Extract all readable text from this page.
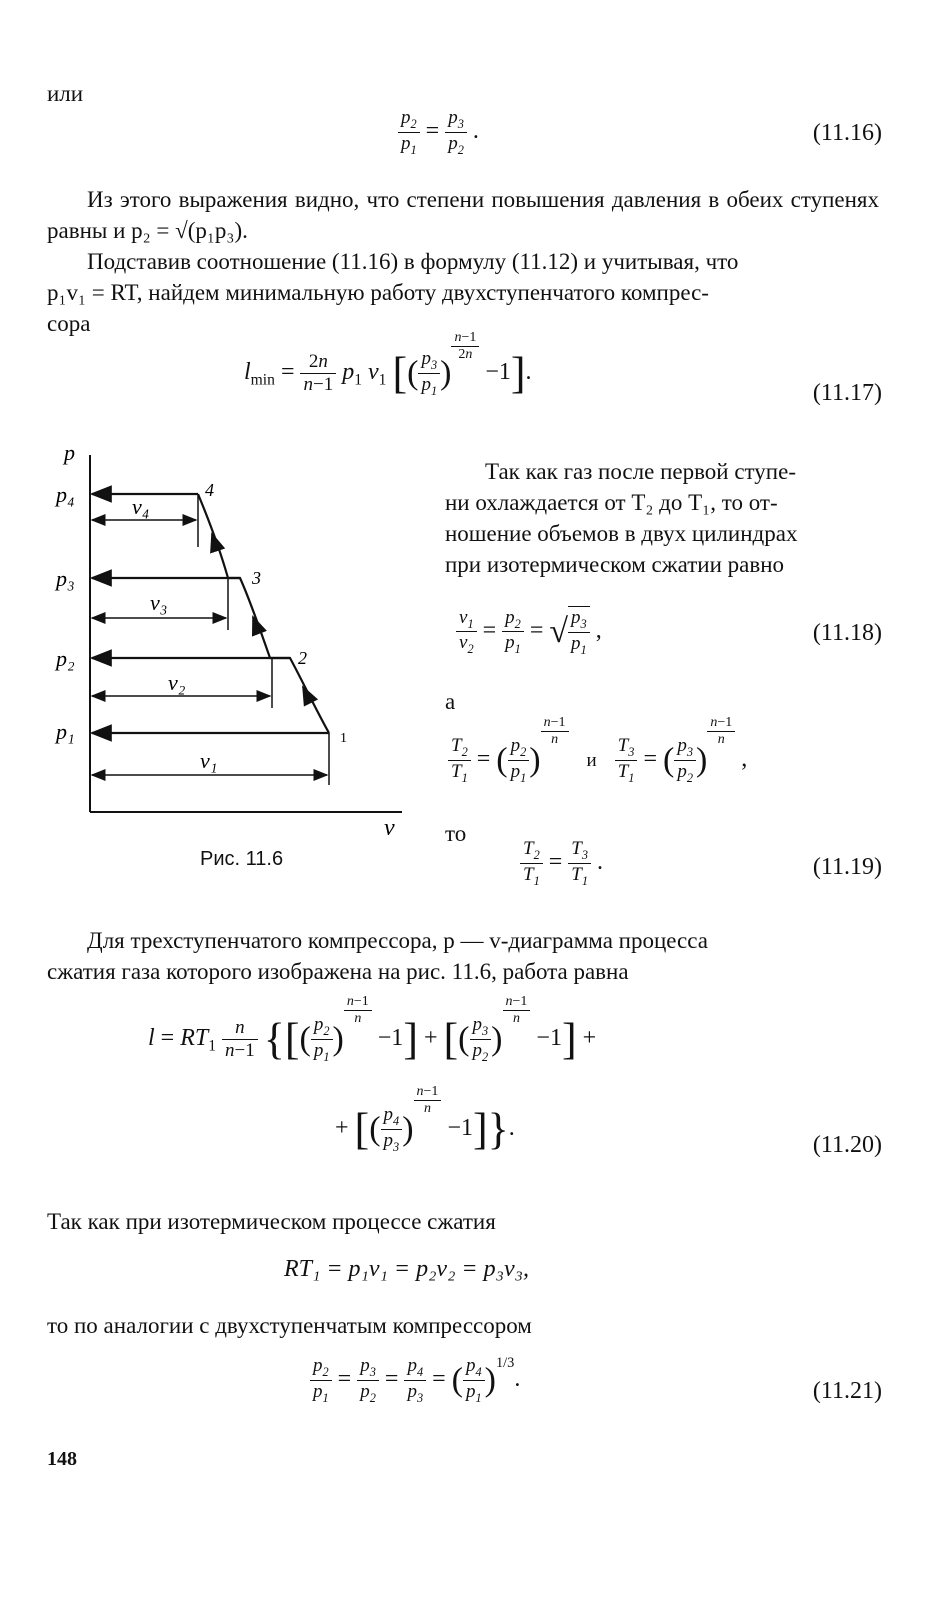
или
$\frac{p_2}{p_1} = \frac{p_3}{p_2}$ .	(11.16)
Из этого выражения видно, что степени повышения давления в обеих ступенях равны и p₂ = √(p₁p₃).
Подставив соотношение (11.16) в формулу (11.12) и учитывая, что
p₁v₁ = RT, найдем минимальную работу двухступенчатого компрес-
сора
$l_{min} = \frac{2n}{n-1} p_1$ $v_1$ [( $\frac{p_3}{p_1}$ )
$^{\frac{n-1}{2n}}$
−1].
(11.17)
p
v
p₄
p₃
p₂
p₁
v₄
v₃
v₂
v₁
4
3
2
1
Рис. 11.6
Так как газ после первой ступе-
ни охлаждается от T₂ до T₁, то от-
ношение объемов в двух цилиндрах
при изотермическом сжатии равно
$\frac{v_1}{v_2} = \frac{p_2}{p_1}$ = √ $\frac{p_3}{p_1}$ ,	(11.18)
а
$\frac{T_2}{T_1}$ = ( $\frac{p_2}{p_1}$ )
$^{\frac{n-1}{n}}$
и $\frac{T_3}{T_1}$ = ( $\frac{p_3}{p_2}$ )
$^{\frac{n-1}{n}}$
,
то
$\frac{T_2}{T_1} = \frac{T_3}{T_1}$ .	(11.19)
Для трехступенчатого компрессора, p — v-диаграмма процесса
сжатия газа которого изображена на рис. 11.6, работа равна
$l = RT_1 \frac{n}{n-1}$ {[( $\frac{p_2}{p_1}$ )
$^{\frac{n-1}{n}}$
−1] + [( $\frac{p_3}{p_2}$ )
$^{\frac{n-1}{n}}$
−1] +
+ [( $\frac{p_4}{p_3}$ )
$^{\frac{n-1}{n}}$
−1]}.
(11.20)
Так как при изотермическом процессе сжатия
RT₁ = p₁v₁ = p₂v₂ = p₃v₃,
то по аналогии с двухступенчатым компрессором
$\frac{p_2}{p_1} = \frac{p_3}{p_2} = \frac{p_4}{p_3}$ = ( $\frac{p_4}{p_1} )^{1/3}$.	(11.21)
148
